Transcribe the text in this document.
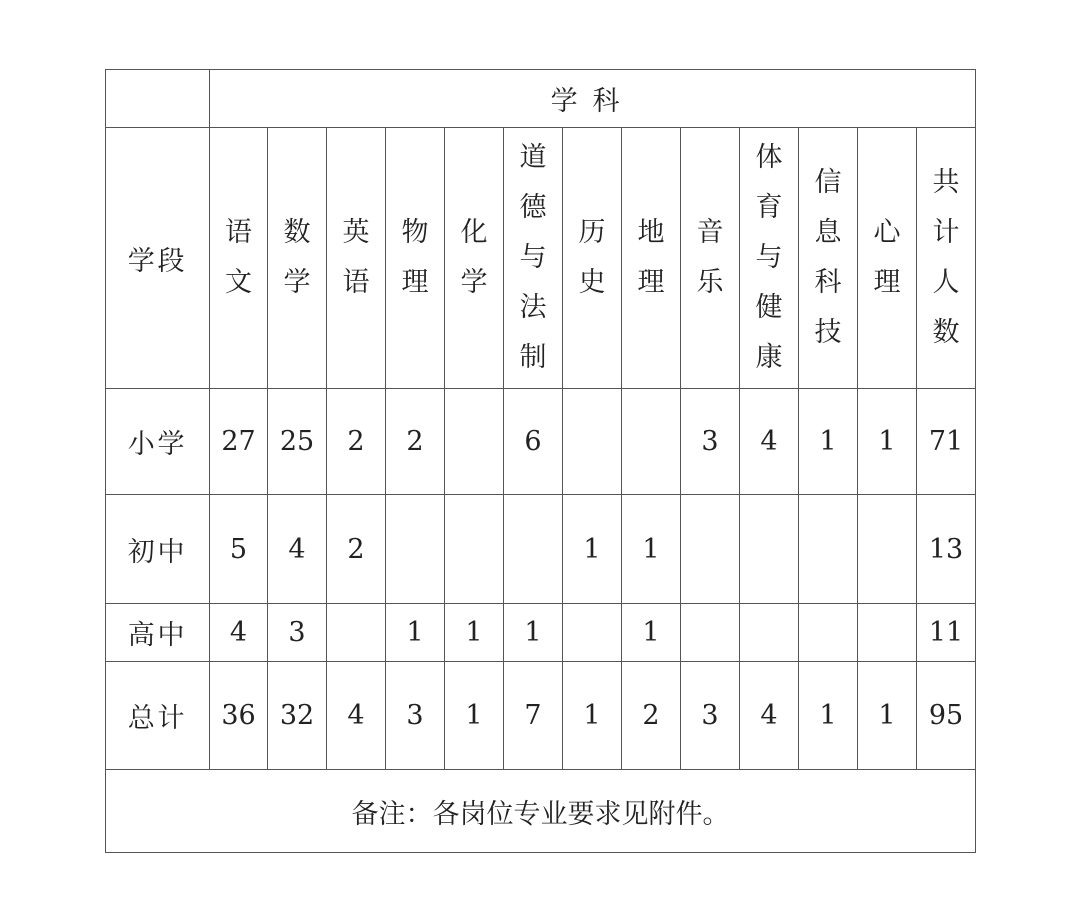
	学科												
学段	语文	数学	英语	物理	化学	道德与法制	历史	地理	音乐	体育与健康	信息科技	心理	共计人数
小学	27	25	2	2		6			3	4	1	1	71
初中	5	4	2				1	1					13
高中	4	3		1	1	1		1					11
总计	36	32	4	3	1	7	1	2	3	4	1	1	95
备注：各岗位专业要求见附件。													
